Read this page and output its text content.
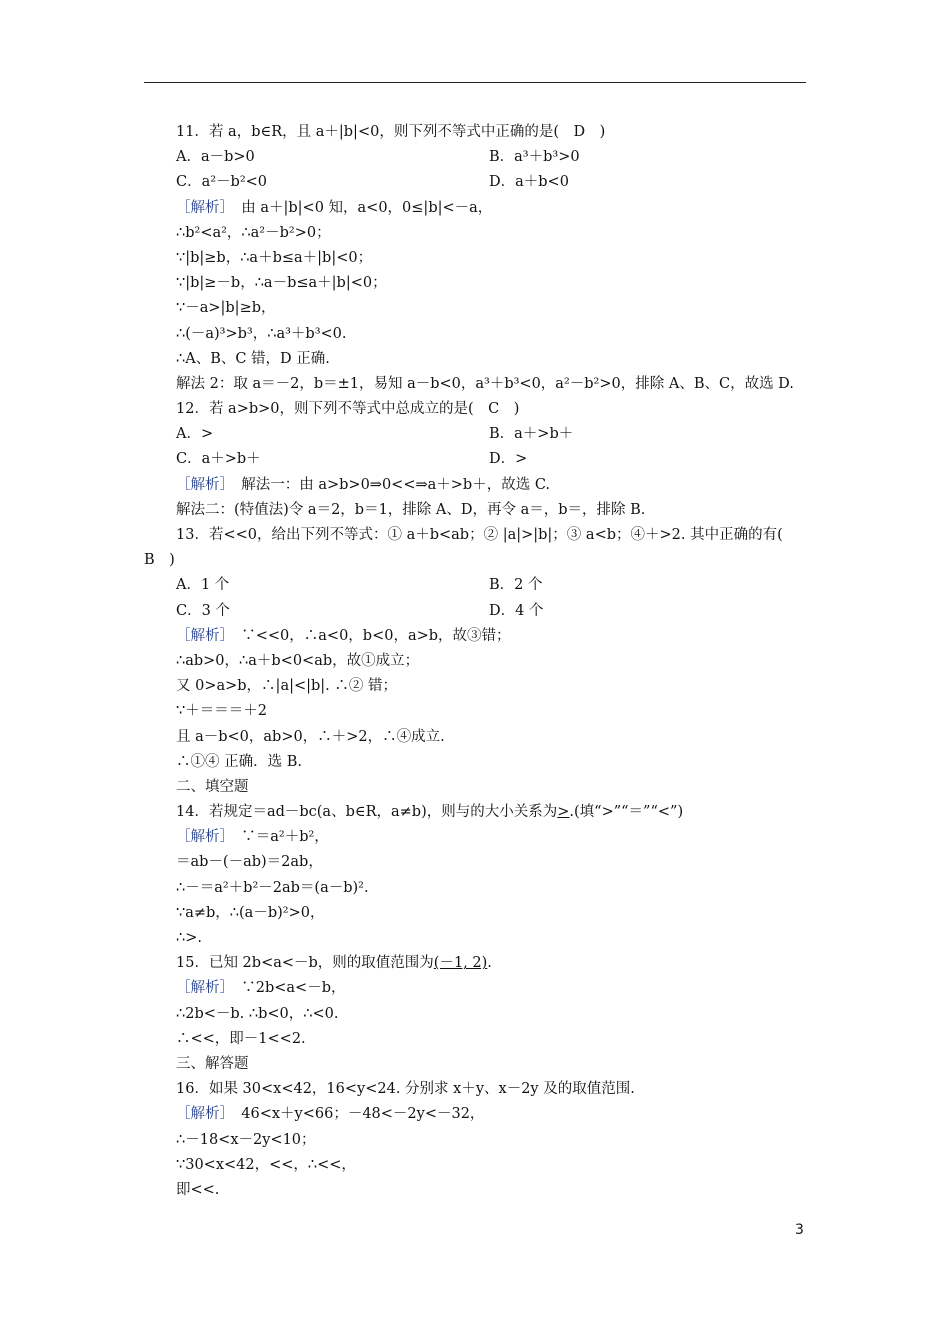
11．若 a，b∈R，且 a＋|b|<0，则下列不等式中正确的是(　D　)
A．a－b>0	B．a³＋b³>0
C．a²－b²<0	D．a＋b<0
［解析］　由 a＋|b|<0 知，a<0，0≤|b|<－a，
∴b²<a²，∴a²－b²>0；
∵|b|≥b，∴a＋b≤a＋|b|<0；
∵|b|≥－b，∴a－b≤a＋|b|<0；
∵－a>|b|≥b，
∴(－a)³>b³，∴a³＋b³<0.
∴A、B、C 错，D 正确.
解法 2：取 a＝－2，b＝±1，易知 a－b<0，a³＋b³<0，a²－b²>0，排除 A、B、C，故选 D.
12．若 a>b>0，则下列不等式中总成立的是(　C　)
A．>	B．a＋>b＋
C．a＋>b＋	D．>
［解析］　解法一：由 a>b>0⇒0<<⇒a＋>b＋，故选 C.
解法二：(特值法)令 a＝2，b＝1，排除 A、D，再令 a＝，b＝，排除 B.
13．若<<0，给出下列不等式：① a＋b<ab；② |a|>|b|；③ a<b；④＋>2. 其中正确的有(　B　)
A．1 个	B．2 个
C．3 个	D．4 个
［解析］　∵<<0，∴a<0，b<0，a>b，故③错；
∴ab>0，∴a＋b<0<ab，故①成立；
又 0>a>b，∴|a|<|b|. ∴② 错；
∵＋＝＝＝＋2
且 a－b<0，ab>0，∴＋>2，∴④成立.
∴①④ 正确．选 B.
二、填空题
14．若规定＝ad－bc(a、b∈R，a≠b)，则与的大小关系为>.(填“>”“＝”“<”)
［解析］　∵＝a²＋b²，
＝ab－(－ab)＝2ab，
∴－＝a²＋b²－2ab＝(a－b)².
∵a≠b，∴(a－b)²>0，
∴>.
15．已知 2b<a<－b，则的取值范围为(－1, 2).
［解析］　∵2b<a<－b，
∴2b<－b. ∴b<0，∴<0.
∴<<，即－1<<2.
三、解答题
16．如果 30<x<42，16<y<24. 分别求 x＋y、x－2y 及的取值范围.
［解析］　46<x＋y<66；－48<－2y<－32，
∴－18<x－2y<10；
∵30<x<42，<<，∴<<，
即<<.
3
